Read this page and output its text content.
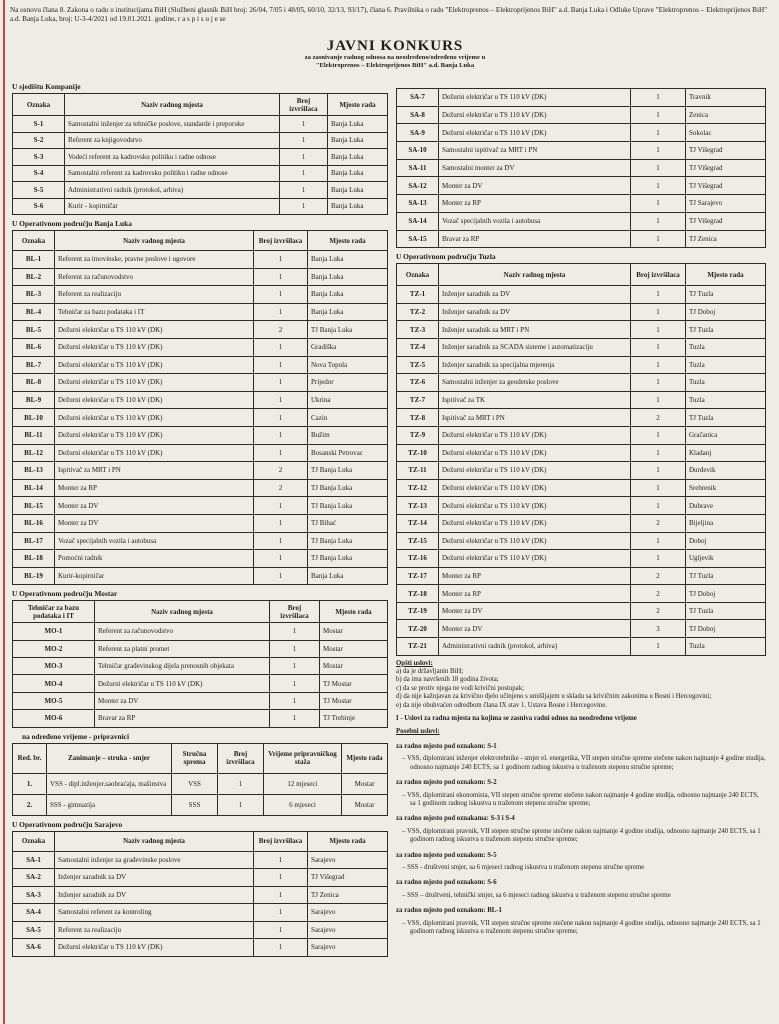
Na osnovu člana 8. Zakona o radu u institucijama BiH (Službeni glasnik BiH broj: 26/04, 7/05 i 48/05, 60/10, 32/13, 93/17), člana 6. Pravilnika o radu "Elektroprenos – Elektroprijenos BiH" a.d. Banja Luka i Odluke Uprave "Elektroprenos – Elektroprijenos BiH" a.d. Banja Luka, broj: U-3-4/2021 od 19.01.2021. godine, r a s p i s u j e se
JAVNI KONKURS
za zasnivanje radnog odnosa na neodređeno/određeno vrijeme u
"Elektroprenos – Elektroprijenos BiH" a.d. Banja Luka
U sjedištu Kompanije
Oznaka	Naziv radnog mjesta	Broj izvršilaca	Mjesto rada
S-1	Samostalni inženjer za tehničke poslove, standarde i preporuke	1	Banja Luka
S-2	Referent za knjigovodstvo	1	Banja Luka
S-3	Vodeći referent za kadrovsku politiku i radne odnose	1	Banja Luka
S-4	Samostalni referent za kadrovsku politiku i radne odnose	1	Banja Luka
S-5	Administrativni radnik (protokol, arhiva)	1	Banja Luka
S-6	Kurir - kopirničar	1	Banja Luka
U Operativnom području Banja Luka
Oznaka	Naziv radnog mjesta	Broj izvršilaca	Mjesto rada
BL-1	Referent za imovinske, pravne poslove i ugovore	1	Banja Luka
BL-2	Referent za računovodstvo	1	Banja Luka
BL-3	Referent za realizaciju	1	Banja Luka
BL-4	Tehničar za bazu podataka i IT	1	Banja Luka
BL-5	Dežurni električar u TS 110 kV (DK)	2	TJ Banja Luka
BL-6	Dežurni električar u TS 110 kV (DK)	1	Gradiška
BL-7	Dežurni električar u TS 110 kV (DK)	1	Nova Topola
BL-8	Dežurni električar u TS 110 kV (DK)	1	Prijedor
BL-9	Dežurni električar u TS 110 kV (DK)	1	Ukrina
BL-10	Dežurni električar u TS 110 kV (DK)	1	Cazin
BL-11	Dežurni električar u TS 110 kV (DK)	1	Bužim
BL-12	Dežurni električar u TS 110 kV (DK)	1	Bosanski Petrovac
BL-13	Ispitivač za MRT i PN	2	TJ Banja Luka
BL-14	Monter za RP	2	TJ Banja Luka
BL-15	Monter za DV	1	TJ Banja Luka
BL-16	Monter za DV	1	TJ Bihać
BL-17	Vozač specijalnih vozila i autobusa	1	TJ Banja Luka
BL-18	Pomoćni radnik	1	TJ Banja Luka
BL-19	Kurir-kopirničar	1	Banja Luka
U Operativnom području Mostar
Tehničar za bazu podataka i IT	Naziv radnog mjesta	Broj izvršilaca	Mjesto rada
MO-1	Referent za računovodstvo	1	Mostar
MO-2	Referent za platni promet	1	Mostar
MO-3	Tehničar građevinskog dijela prenosnih objekata	1	Mostar
MO-4	Dežurni električar u TS 110 kV (DK)	1	TJ Mostar
MO-5	Monter za DV	1	TJ Mostar
MO-6	Bravar za RP	1	TJ Trebinje
na određeno vrijeme - pripravnici
Red. br.	Zanimanje – struka - smjer	Stručna sprema	Broj izvršilaca	Vrijeme pripravničkog staža	Mjesto rada
1.	VSS - dipl.inženjer.saobraćaja, mašinstva	VSS	1	12 mjeseci	Mostar
2.	SSS - gimnazija	SSS	1	6 mjeseci	Mostar
U Operativnom području Sarajevo
Oznaka	Naziv radnog mjesta	Broj izvršilaca	Mjesto rada
SA-1	Samostalni inženjer za građevinske poslove	1	Sarajevo
SA-2	Inženjer saradnik za DV	1	TJ Višegrad
SA-3	Inženjer saradnik za DV	1	TJ Zenica
SA-4	Samostalni referent za kontroling	1	Sarajevo
SA-5	Referent za realizaciju	1	Sarajevo
SA-6	Dežurni električar u TS 110 kV (DK)	1	Sarajevo
SA-7	Dežurni električar u TS 110 kV (DK)	1	Travnik
SA-8	Dežurni električar u TS 110 kV (DK)	1	Zenica
SA-9	Dežurni električar u TS 110 kV (DK)	1	Sokolac
SA-10	Samostalni ispitivač za MRT i PN	1	TJ Višegrad
SA-11	Samostalni monter za DV	1	TJ Višegrad
SA-12	Monter za DV	1	TJ Višegrad
SA-13	Monter za RP	1	TJ Sarajevo
SA-14	Vozač specijalnih vozila i autobusa	1	TJ Višegrad
SA-15	Bravar za RP	1	TJ Zenica
U Operativnom području Tuzla
Oznaka	Naziv radnog mjesta	Broj izvršilaca	Mjesto rada
TZ-1	Inženjer saradnik za DV	1	TJ Tuzla
TZ-2	Inženjer saradnik za DV	1	TJ Doboj
TZ-3	Inženjer saradnik za MRT i PN	1	TJ Tuzla
TZ-4	Inženjer saradnik za SCADA sisteme i automatizaciju	1	Tuzla
TZ-5	Inženjer saradnik za specijalna mjerenja	1	Tuzla
TZ-6	Samostalni inženjer za geodetske poslove	1	Tuzla
TZ-7	Ispitivač za TK	1	Tuzla
TZ-8	Ispitivač za MRT i PN	2	TJ Tuzla
TZ-9	Dežurni električar u TS 110 kV (DK)	1	Gračanica
TZ-10	Dežurni električar u TS 110 kV (DK)	1	Kladanj
TZ-11	Dežurni električar u TS 110 kV (DK)	1	Đurđevik
TZ-12	Dežurni električar u TS 110 kV (DK)	1	Srebrenik
TZ-13	Dežurni električar u TS 110 kV (DK)	1	Dubrave
TZ-14	Dežurni električar u TS 110 kV (DK)	2	Bijeljina
TZ-15	Dežurni električar u TS 110 kV (DK)	1	Doboj
TZ-16	Dežurni električar u TS 110 kV (DK)	1	Ugljevik
TZ-17	Monter za RP	2	TJ Tuzla
TZ-18	Monter za RP	2	TJ Doboj
TZ-19	Monter za DV	2	TJ Tuzla
TZ-20	Monter za DV	3	TJ Doboj
TZ-21	Administrativni radnik (protokol, arhiva)	1	Tuzla
Opšti uslovi:
a) da je državljanin BiH;
b) da ima navršenih 18 godina života;
c) da se protiv njega ne vodi krivični postupak;
d) da nije kažnjavan za krivično djelo učinjeno s umišljajem u skladu sa krivičnim zakonima u Bosni i Hercegovini;
e) da nije obuhvaćen odredbom člana IX stav 1. Ustava Bosne i Hercegovine.
I - Uslovi za radna mjesta na kojima se zasniva radni odnos na neodređeno vrijeme
Posebni uslovi:
za radno mjesto pod oznakom: S-1
– VSS, diplomirani inženjer elektrotehnike - smjer el. energetika, VII stepen stručne spreme stečene nakon najmanje 4 godine studija, odnosno najmanje 240 ECTS, sa 1 godinom radnog iskustva u traženom stepenu stručne spreme;
za radno mjesto pod oznakom: S-2
– VSS, diplomirani ekonomista, VII stepen stručne spreme stečene nakon najmanje 4 godine studija, odnosno najmanje 240 ECTS, sa 1 godinom radnog iskustva u traženom stepenu stručne spreme;
za radno mjesto pod oznakama: S-3 i S-4
– VSS, diplomirani pravnik, VII stepen stručne spreme stečene nakon najmanje 4 godine studija, odnosno najmanje 240 ECTS, sa 1 godinom radnog iskustva u traženom stepenu stručne spreme;
za radno mjesto pod oznakom: S-5
– SSS - društveni smjer, sa 6 mjeseci radnog iskustva u traženom stepenu stručne spreme
za radno mjesto pod oznakom: S-6
– SSS – društveni, tehnički smjer, sa 6 mjeseci radnog iskustva u traženom stepenu stručne spreme
za radno mjesto pod oznakom: BL-1
– VSS, diplomirani pravnik, VII stepen stručne spreme stečene nakon najmanje 4 godine studija, odnosno najmanje 240 ECTS, sa 1 godinom radnog iskustva u traženom stepenu stručne spreme;
